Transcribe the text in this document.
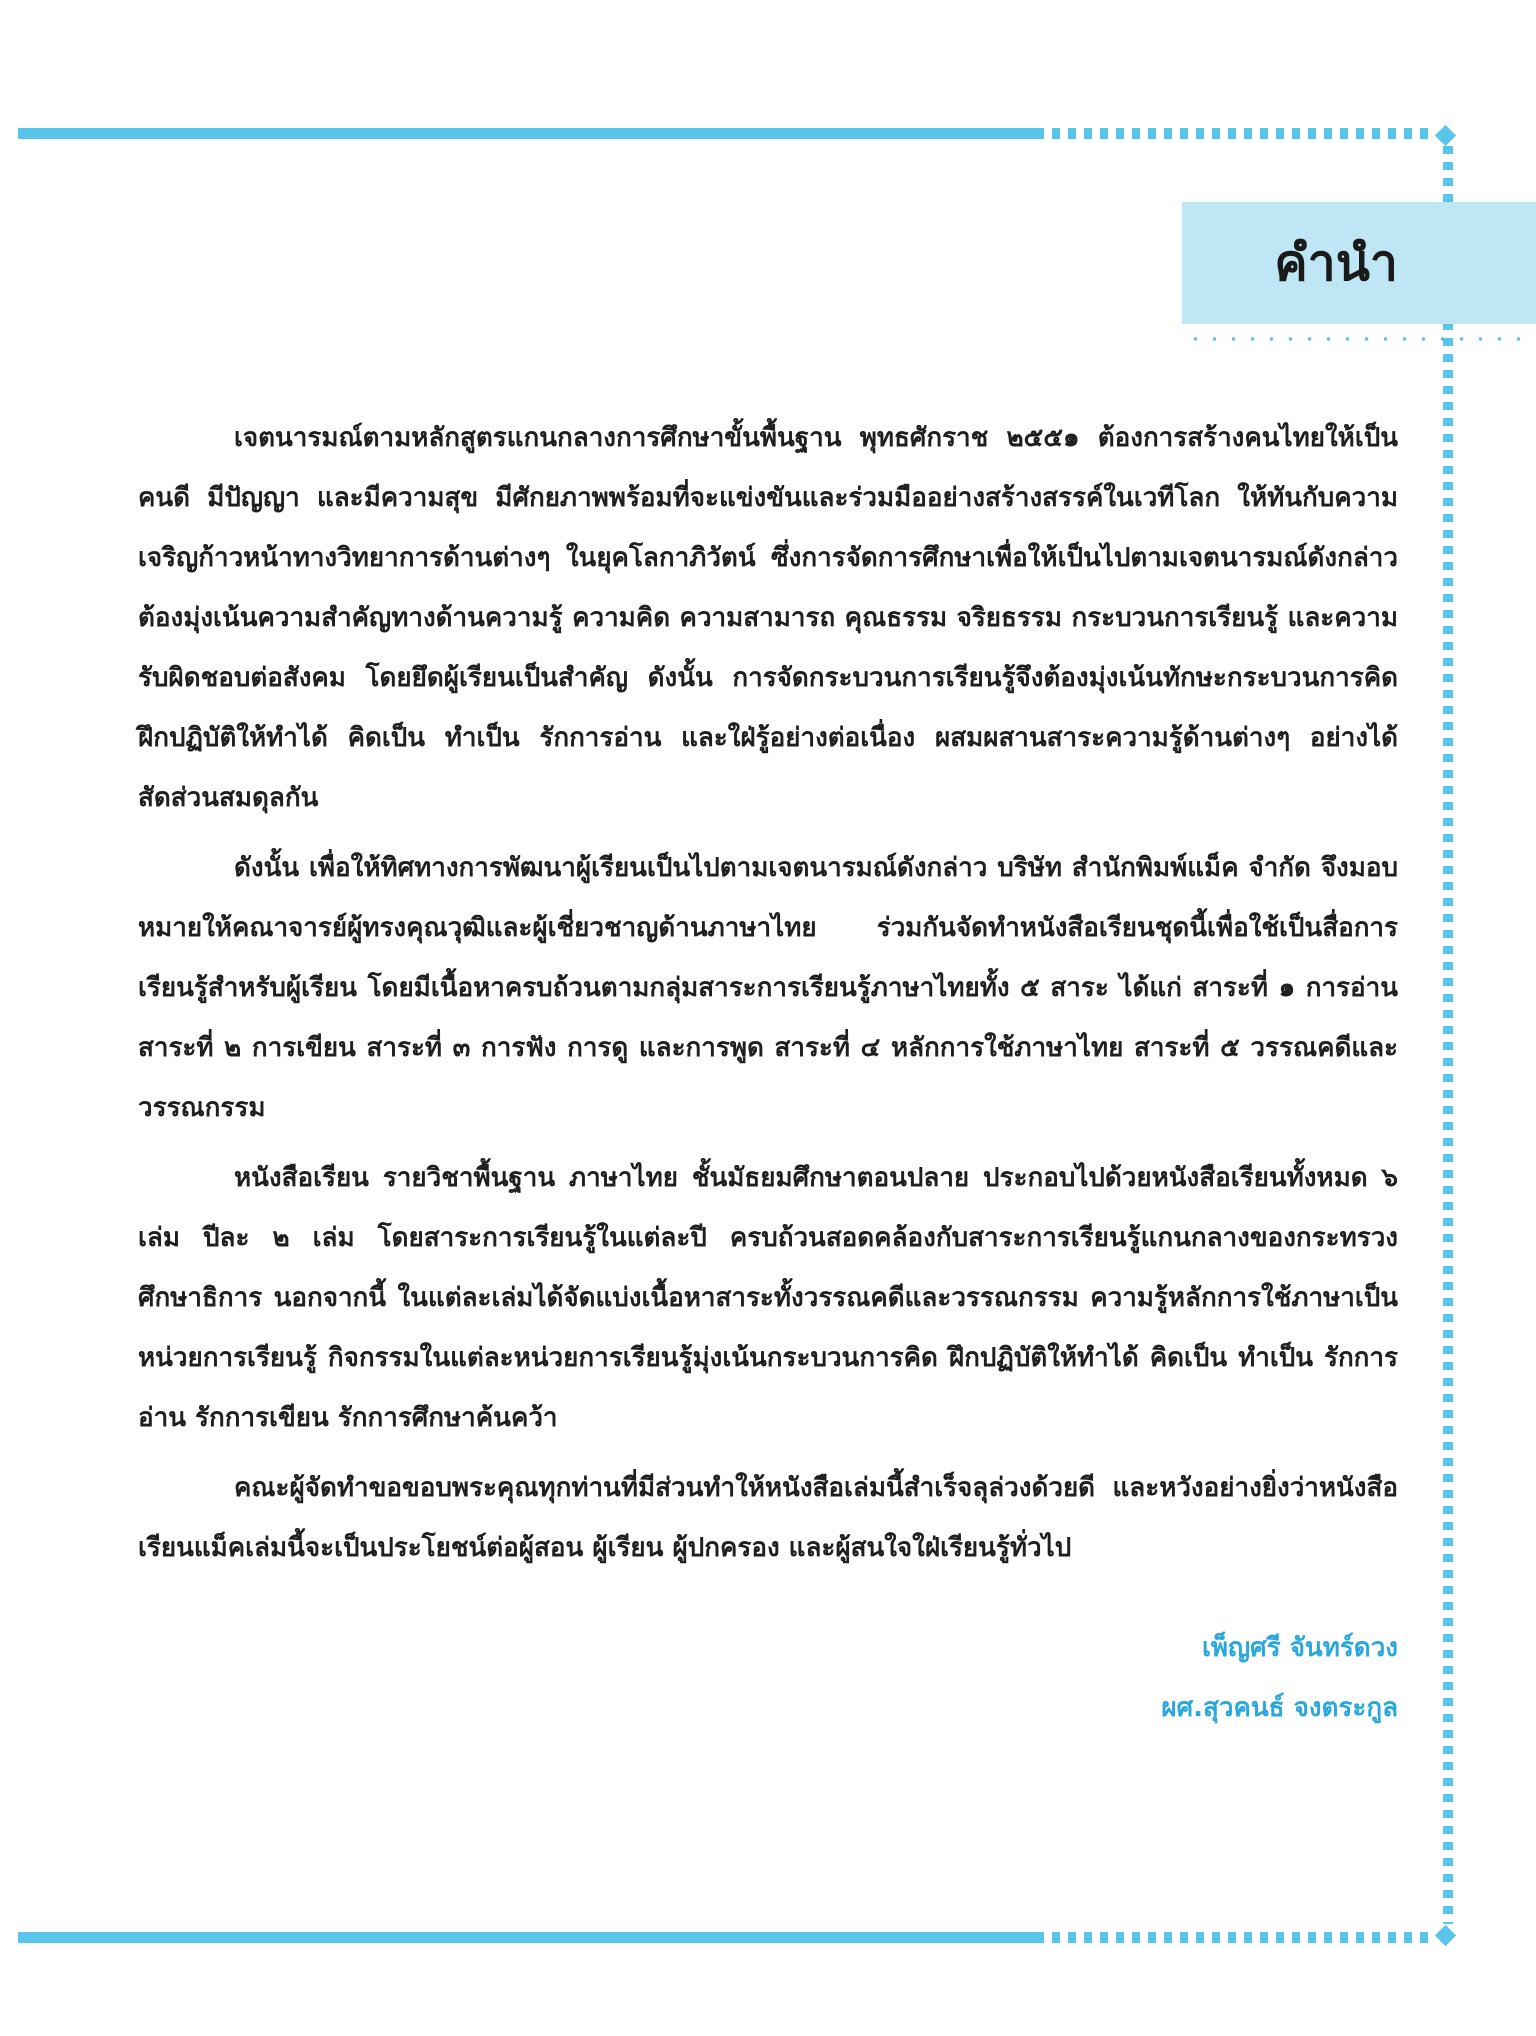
คำนำ

เจตนารมณ์ตามหลักสูตรแกนกลางการศึกษาขั้นพื้นฐาน พุทธศักราช ๒๕๕๑ ต้องการสร้างคนไทยให้เป็นคนดี มีปัญญา และมีความสุข มีศักยภาพพร้อมที่จะแข่งขันและร่วมมืออย่างสร้างสรรค์ในเวทีโลก ให้ทันกับความเจริญก้าวหน้าทางวิทยาการด้านต่างๆ ในยุคโลกาภิวัตน์ ซึ่งการจัดการศึกษาเพื่อให้เป็นไปตามเจตนารมณ์ดังกล่าว ต้องมุ่งเน้นความสำคัญทางด้านความรู้ ความคิด ความสามารถ คุณธรรม จริยธรรม กระบวนการเรียนรู้ และความรับผิดชอบต่อสังคม โดยยึดผู้เรียนเป็นสำคัญ ดังนั้น การจัดกระบวนการเรียนรู้จึงต้องมุ่งเน้นทักษะกระบวนการคิด ฝึกปฏิบัติให้ทำได้ คิดเป็น ทำเป็น รักการอ่าน และใฝ่รู้อย่างต่อเนื่อง ผสมผสานสาระความรู้ด้านต่างๆ อย่างได้สัดส่วนสมดุลกัน

ดังนั้น เพื่อให้ทิศทางการพัฒนาผู้เรียนเป็นไปตามเจตนารมณ์ดังกล่าว บริษัท สำนักพิมพ์แม็ค จำกัด จึงมอบหมายให้คณาจารย์ผู้ทรงคุณวุฒิและผู้เชี่ยวชาญด้านภาษาไทย ร่วมกันจัดทำหนังสือเรียนชุดนี้เพื่อใช้เป็นสื่อการเรียนรู้สำหรับผู้เรียน โดยมีเนื้อหาครบถ้วนตามกลุ่มสาระการเรียนรู้ภาษาไทยทั้ง ๕ สาระ ได้แก่ สาระที่ ๑ การอ่าน สาระที่ ๒ การเขียน สาระที่ ๓ การฟัง การดู และการพูด สาระที่ ๔ หลักการใช้ภาษาไทย สาระที่ ๕ วรรณคดีและวรรณกรรม

หนังสือเรียน รายวิชาพื้นฐาน ภาษาไทย ชั้นมัธยมศึกษาตอนปลาย ประกอบไปด้วยหนังสือเรียนทั้งหมด ๖ เล่ม ปีละ ๒ เล่ม โดยสาระการเรียนรู้ในแต่ละปี ครบถ้วนสอดคล้องกับสาระการเรียนรู้แกนกลางของกระทรวงศึกษาธิการ นอกจากนี้ ในแต่ละเล่มได้จัดแบ่งเนื้อหาสาระทั้งวรรณคดีและวรรณกรรม ความรู้หลักการใช้ภาษาเป็นหน่วยการเรียนรู้ กิจกรรมในแต่ละหน่วยการเรียนรู้มุ่งเน้นกระบวนการคิด ฝึกปฏิบัติให้ทำได้ คิดเป็น ทำเป็น รักการอ่าน รักการเขียน รักการศึกษาค้นคว้า

คณะผู้จัดทำขอขอบพระคุณทุกท่านที่มีส่วนทำให้หนังสือเล่มนี้สำเร็จลุล่วงด้วยดี และหวังอย่างยิ่งว่าหนังสือเรียนแม็คเล่มนี้จะเป็นประโยชน์ต่อผู้สอน ผู้เรียน ผู้ปกครอง และผู้สนใจใฝ่เรียนรู้ทั่วไป

เพ็ญศรี จันทร์ดวง
ผศ.สุวคนธ์ จงตระกูล
